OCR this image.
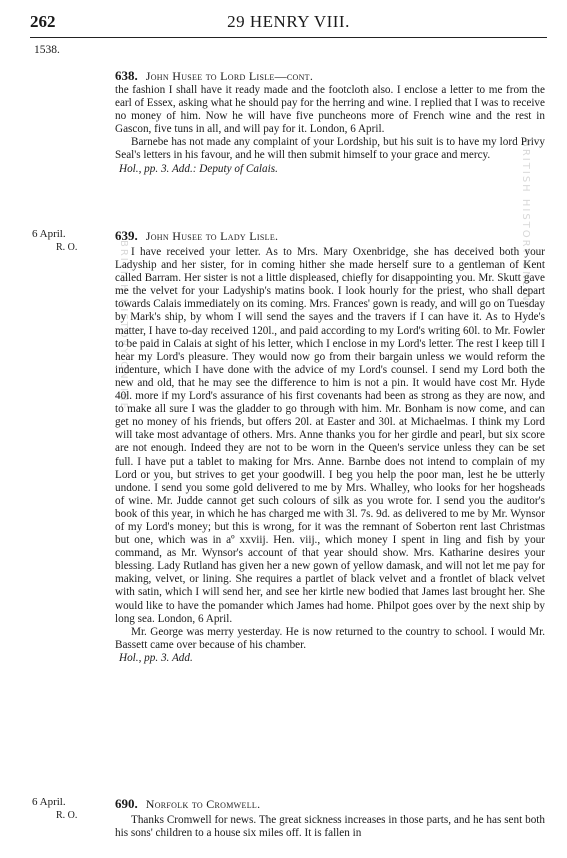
262	29 HENRY VIII.
1538.
BRITISH HISTORY ONLINE
BRITISH HISTORY ONLINE
638. John Husee to Lord Lisle—cont.

the fashion I shall have it ready made and the footcloth also. I enclose a letter to me from the earl of Essex, asking what he should pay for the herring and wine. I replied that I was to receive no money of him. Now he will have five puncheons more of French wine and the rest in Gascon, five tuns in all, and will pay for it. London, 6 April.

Barnebe has not made any complaint of your Lordship, but his suit is to have my lord Privy Seal's letters in his favour, and he will then submit himself to your grace and mercy.

Hol., pp. 3. Add.: Deputy of Calais.

6 April.
R. O.
639. John Husee to Lady Lisle.

I have received your letter. As to Mrs. Mary Oxenbridge, she has deceived both your Ladyship and her sister, for in coming hither she made herself sure to a gentleman of Kent called Barram. Her sister is not a little displeased, chiefly for disappointing you. Mr. Skutt gave me the velvet for your Ladyship's matins book. I look hourly for the priest, who shall depart towards Calais immediately on its coming. Mrs. Frances' gown is ready, and will go on Tuesday by Mark's ship, by whom I will send the sayes and the travers if I can have it. As to Hyde's matter, I have to-day received 120l., and paid according to my Lord's writing 60l. to Mr. Fowler to be paid in Calais at sight of his letter, which I enclose in my Lord's letter. The rest I keep till I hear my Lord's pleasure. They would now go from their bargain unless we would reform the indenture, which I have done with the advice of my Lord's counsel. I send my Lord both the new and old, that he may see the difference to him is not a pin. It would have cost Mr. Hyde 40l. more if my Lord's assurance of his first covenants had been as strong as they are now, and to make all sure I was the gladder to go through with him. Mr. Bonham is now come, and can get no money of his friends, but offers 20l. at Easter and 30l. at Michaelmas. I think my Lord will take most advantage of others. Mrs. Anne thanks you for her girdle and pearl, but six score are not enough. Indeed they are not to be worn in the Queen's service unless they can be set full. I have put a tablet to making for Mrs. Anne. Barnbe does not intend to complain of my Lord or you, but strives to get your goodwill. I beg you help the poor man, lest he be utterly undone. I send you some gold delivered to me by Mrs. Whalley, who looks for her hogsheads of wine. Mr. Judde cannot get such colours of silk as you wrote for. I send you the auditor's book of this year, in which he has charged me with 3l. 7s. 9d. as delivered to me by Mr. Wynsor of my Lord's money; but this is wrong, for it was the remnant of Soberton rent last Christmas but one, which was in aº xxviij. Hen. viij., which money I spent in ling and fish by your command, as Mr. Wynsor's account of that year should show. Mrs. Katharine desires your blessing. Lady Rutland has given her a new gown of yellow damask, and will not let me pay for making, velvet, or lining. She requires a partlet of black velvet and a frontlet of black velvet with satin, which I will send her, and see her kirtle new bodied that James last brought her. She would like to have the pomander which James had home. Philpot goes over by the next ship by long sea. London, 6 April.

Mr. George was merry yesterday. He is now returned to the country to school. I would Mr. Bassett came over because of his chamber.

Hol., pp. 3. Add.

6 April.
R. O.
690. Norfolk to Cromwell.

Thanks Cromwell for news. The great sickness increases in those parts, and he has sent both his sons' children to a house six miles off. It is fallen in
